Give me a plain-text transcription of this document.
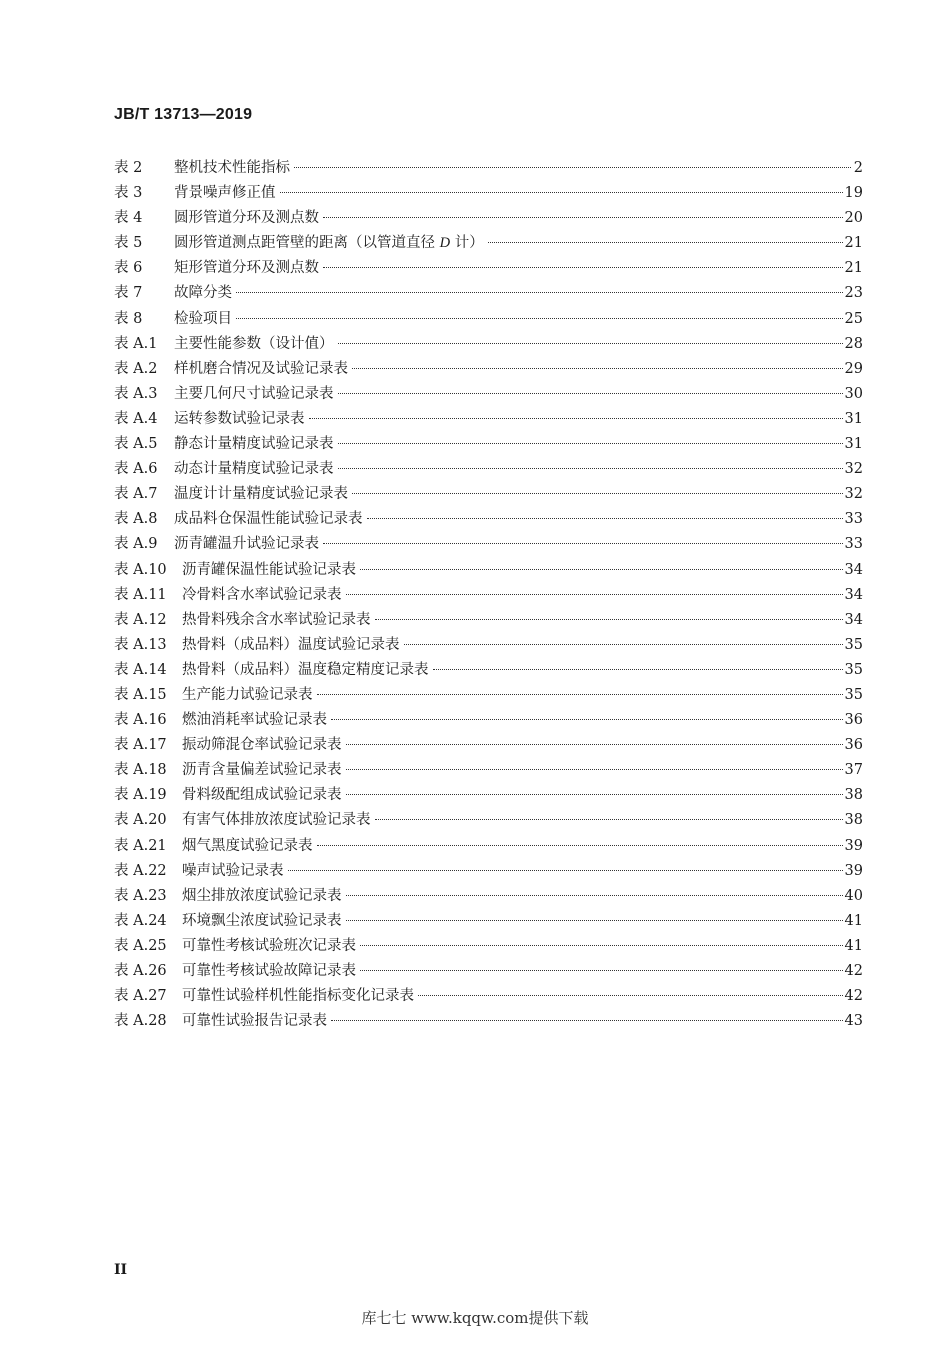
JB/T 13713—2019
表 2	整机技术性能指标	2
表 3	背景噪声修正值	19
表 4	圆形管道分环及测点数	20
表 5	圆形管道测点距管壁的距离（以管道直径 D 计）	21
表 6	矩形管道分环及测点数	21
表 7	故障分类	23
表 8	检验项目	25
表 A.1	主要性能参数（设计值）	28
表 A.2	样机磨合情况及试验记录表	29
表 A.3	主要几何尺寸试验记录表	30
表 A.4	运转参数试验记录表	31
表 A.5	静态计量精度试验记录表	31
表 A.6	动态计量精度试验记录表	32
表 A.7	温度计计量精度试验记录表	32
表 A.8	成品料仓保温性能试验记录表	33
表 A.9	沥青罐温升试验记录表	33
表 A.10	沥青罐保温性能试验记录表	34
表 A.11	冷骨料含水率试验记录表	34
表 A.12	热骨料残余含水率试验记录表	34
表 A.13	热骨料（成品料）温度试验记录表	35
表 A.14	热骨料（成品料）温度稳定精度记录表	35
表 A.15	生产能力试验记录表	35
表 A.16	燃油消耗率试验记录表	36
表 A.17	振动筛混仓率试验记录表	36
表 A.18	沥青含量偏差试验记录表	37
表 A.19	骨料级配组成试验记录表	38
表 A.20	有害气体排放浓度试验记录表	38
表 A.21	烟气黑度试验记录表	39
表 A.22	噪声试验记录表	39
表 A.23	烟尘排放浓度试验记录表	40
表 A.24	环境飘尘浓度试验记录表	41
表 A.25	可靠性考核试验班次记录表	41
表 A.26	可靠性考核试验故障记录表	42
表 A.27	可靠性试验样机性能指标变化记录表	42
表 A.28	可靠性试验报告记录表	43
II
库七七 www.kqqw.com提供下载
